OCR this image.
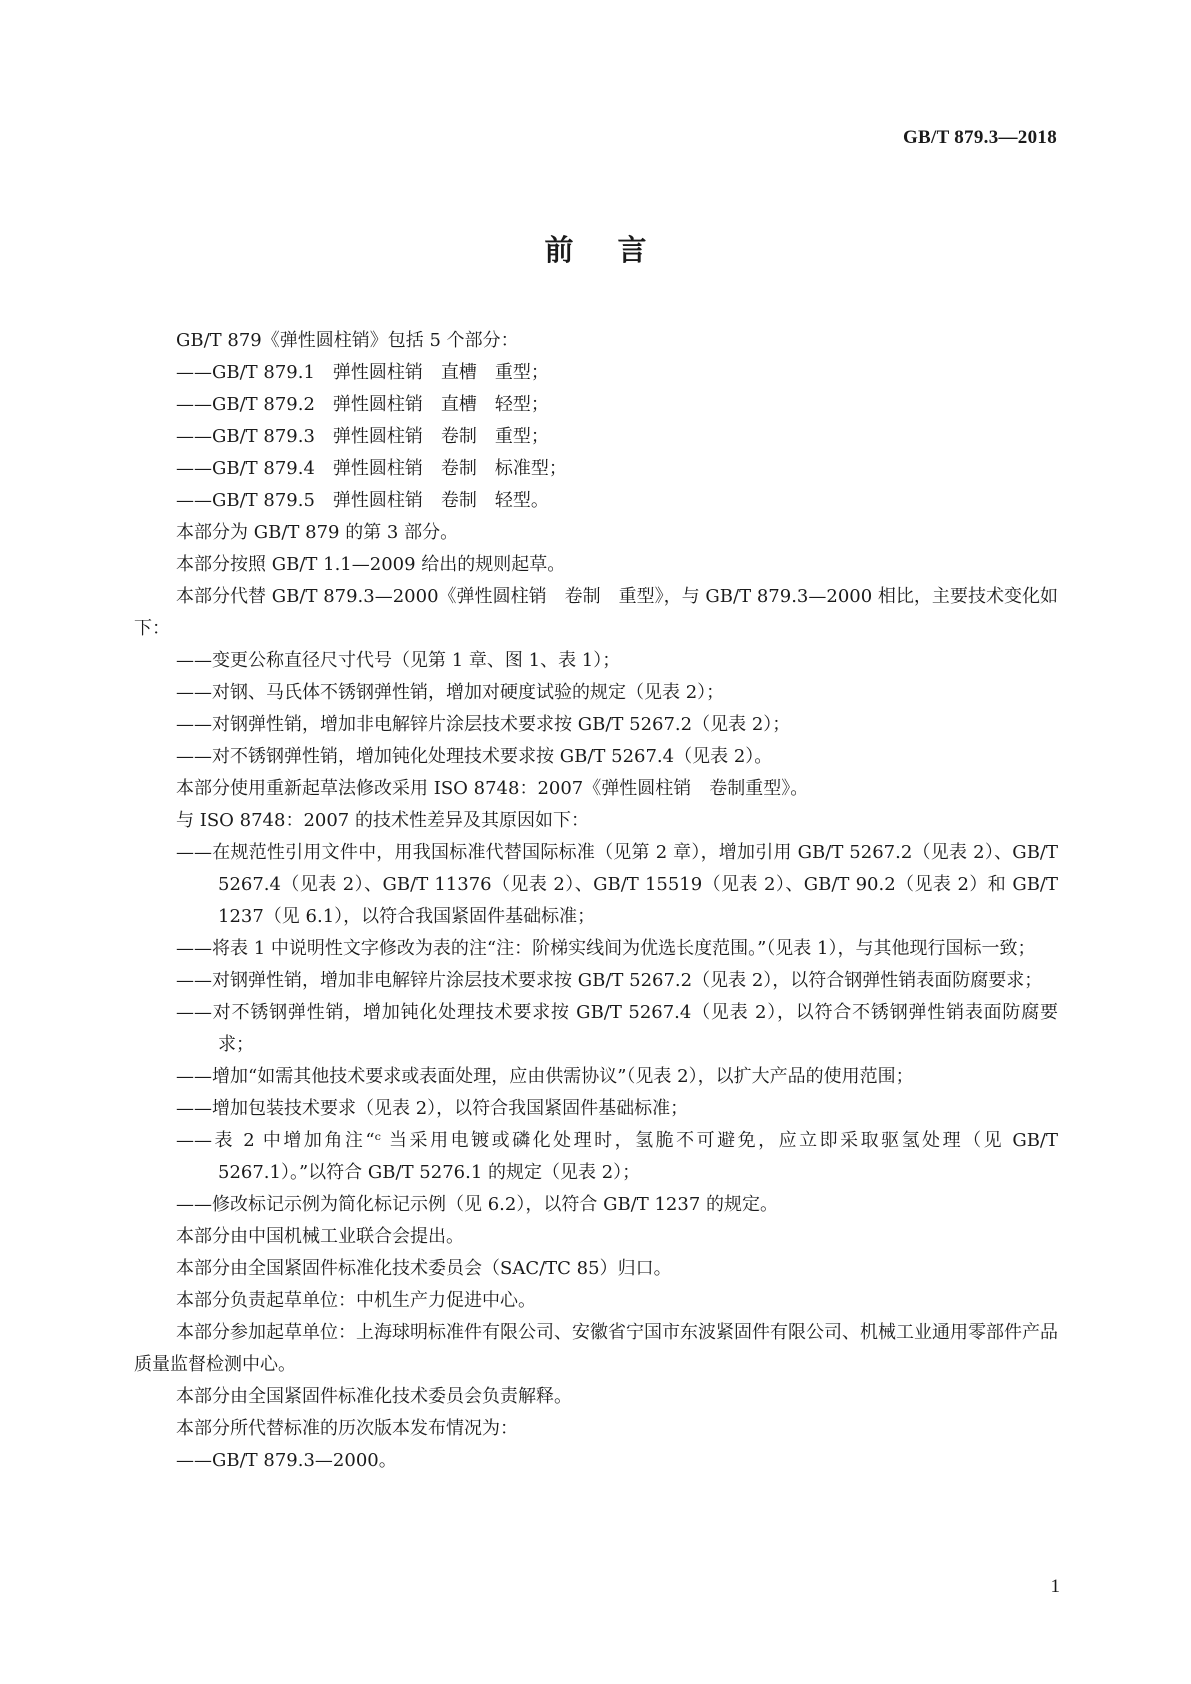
GB/T 879.3—2018
前言
GB/T 879《弹性圆柱销》包括 5 个部分：
——GB/T 879.1　弹性圆柱销　直槽　重型；
——GB/T 879.2　弹性圆柱销　直槽　轻型；
——GB/T 879.3　弹性圆柱销　卷制　重型；
——GB/T 879.4　弹性圆柱销　卷制　标准型；
——GB/T 879.5　弹性圆柱销　卷制　轻型。
本部分为 GB/T 879 的第 3 部分。
本部分按照 GB/T 1.1—2009 给出的规则起草。
本部分代替 GB/T 879.3—2000《弹性圆柱销　卷制　重型》，与 GB/T 879.3—2000 相比，主要技术变化如下：
——变更公称直径尺寸代号（见第 1 章、图 1、表 1）；
——对钢、马氏体不锈钢弹性销，增加对硬度试验的规定（见表 2）；
——对钢弹性销，增加非电解锌片涂层技术要求按 GB/T 5267.2（见表 2）；
——对不锈钢弹性销，增加钝化处理技术要求按 GB/T 5267.4（见表 2）。
本部分使用重新起草法修改采用 ISO 8748：2007《弹性圆柱销　卷制重型》。
与 ISO 8748：2007 的技术性差异及其原因如下：
——在规范性引用文件中，用我国标准代替国际标准（见第 2 章），增加引用 GB/T 5267.2（见表 2）、GB/T 5267.4（见表 2）、GB/T 11376（见表 2）、GB/T 15519（见表 2）、GB/T 90.2（见表 2）和 GB/T 1237（见 6.1），以符合我国紧固件基础标准；
——将表 1 中说明性文字修改为表的注“注：阶梯实线间为优选长度范围。”（见表 1），与其他现行国标一致；
——对钢弹性销，增加非电解锌片涂层技术要求按 GB/T 5267.2（见表 2），以符合钢弹性销表面防腐要求；
——对不锈钢弹性销，增加钝化处理技术要求按 GB/T 5267.4（见表 2），以符合不锈钢弹性销表面防腐要求；
——增加“如需其他技术要求或表面处理，应由供需协议”（见表 2），以扩大产品的使用范围；
——增加包装技术要求（见表 2），以符合我国紧固件基础标准；
——表 2 中增加角注“ᶜ 当采用电镀或磷化处理时，氢脆不可避免，应立即采取驱氢处理（见 GB/T 5267.1）。”以符合 GB/T 5276.1 的规定（见表 2）；
——修改标记示例为简化标记示例（见 6.2），以符合 GB/T 1237 的规定。
本部分由中国机械工业联合会提出。
本部分由全国紧固件标准化技术委员会（SAC/TC 85）归口。
本部分负责起草单位：中机生产力促进中心。
本部分参加起草单位：上海球明标准件有限公司、安徽省宁国市东波紧固件有限公司、机械工业通用零部件产品质量监督检测中心。
本部分由全国紧固件标准化技术委员会负责解释。
本部分所代替标准的历次版本发布情况为：
——GB/T 879.3—2000。
1
